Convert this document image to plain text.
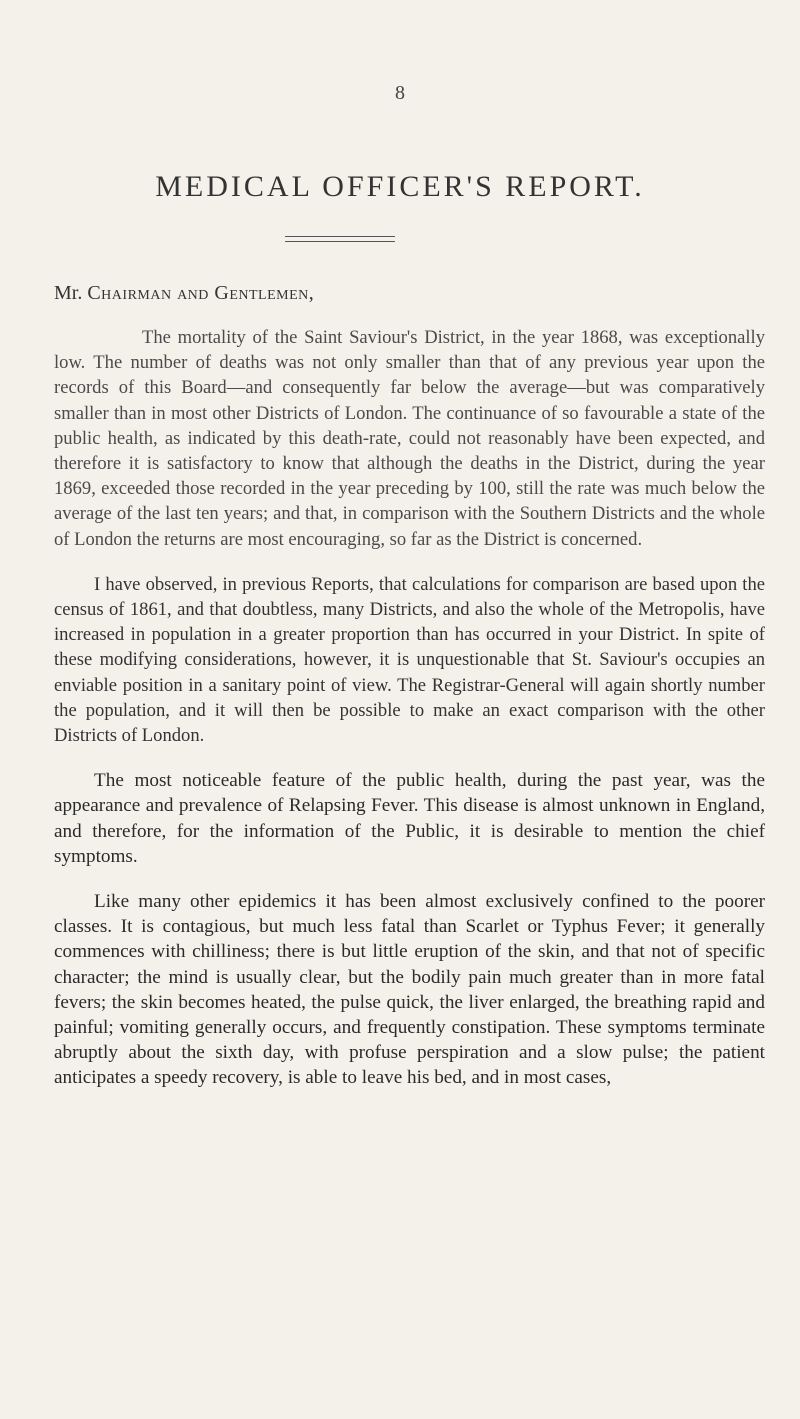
8
MEDICAL OFFICER'S REPORT.
Mr. Chairman and Gentlemen,

The mortality of the Saint Saviour's District, in the year 1868, was exceptionally low. The number of deaths was not only smaller than that of any previous year upon the records of this Board—and consequently far below the average—but was comparatively smaller than in most other Districts of London. The continuance of so favourable a state of the public health, as indicated by this death-rate, could not reasonably have been expected, and therefore it is satisfactory to know that although the deaths in the District, during the year 1869, exceeded those recorded in the year preceding by 100, still the rate was much below the average of the last ten years; and that, in comparison with the Southern Districts and the whole of London the returns are most encouraging, so far as the District is concerned.

I have observed, in previous Reports, that calculations for comparison are based upon the census of 1861, and that doubtless, many Districts, and also the whole of the Metropolis, have increased in population in a greater proportion than has occurred in your District. In spite of these modifying considerations, however, it is unquestionable that St. Saviour's occupies an enviable position in a sanitary point of view. The Registrar-General will again shortly number the population, and it will then be possible to make an exact comparison with the other Districts of London.

The most noticeable feature of the public health, during the past year, was the appearance and prevalence of Relapsing Fever. This disease is almost unknown in England, and therefore, for the information of the Public, it is desirable to mention the chief symptoms.

Like many other epidemics it has been almost exclusively confined to the poorer classes. It is contagious, but much less fatal than Scarlet or Typhus Fever; it generally commences with chilliness; there is but little eruption of the skin, and that not of specific character; the mind is usually clear, but the bodily pain much greater than in more fatal fevers; the skin becomes heated, the pulse quick, the liver enlarged, the breathing rapid and painful; vomiting generally occurs, and frequently constipation. These symptoms terminate abruptly about the sixth day, with profuse perspiration and a slow pulse; the patient anticipates a speedy recovery, is able to leave his bed, and in most cases,
